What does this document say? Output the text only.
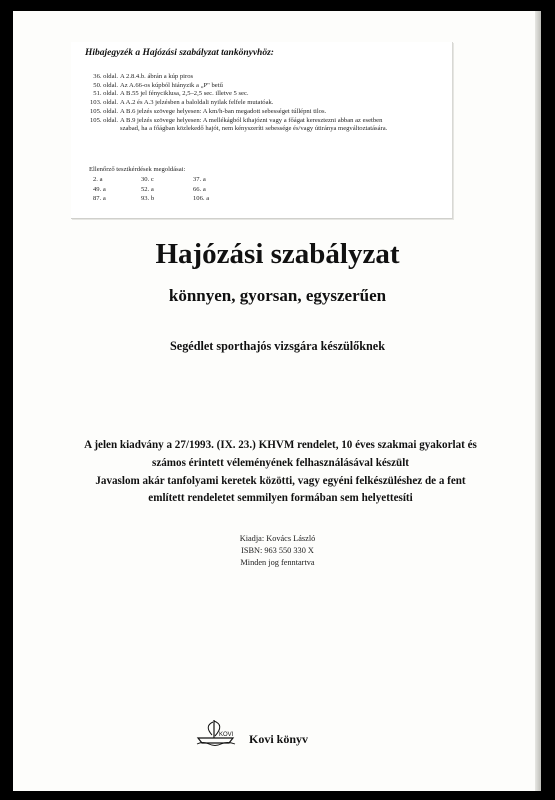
Hibajegyzék a Hajózási szabályzat tankönyvhöz:
36. oldal. A 2.8.4.b. ábrán a kúp piros
50. oldal. Az A.66-os kúpból hiányzik a „P" betű
51. oldal. A B.55 jel fényciklusa, 2,5–2,5 sec. illetve 5 sec.
103. oldal. A A.2 és A.3 jelzésben a baloldali nyilak felfele mutatóak.
105. oldal. A B.6 jelzés szövege helyesen: A km/h-ban megadott sebességet túllépni tilos.
105. oldal. A B.9 jelzés szövege helyesen: A mellékágból kihajózni vagy a főágat keresztezni abban az esetben szabad, ha a főágban közlekedő hajót, nem kényszeríti sebessége és/vagy útiránya megváltoztatására.
Ellenőrző tesztkérdések megoldásai:
2. a	30. c	37. a
49. a	52. a	66. a
87. a	93. b	106. a
Hajózási szabályzat
könnyen, gyorsan, egyszerűen
Segédlet sporthajós vizsgára készülőknek
A jelen kiadvány a 27/1993. (IX. 23.) KHVM rendelet, 10 éves szakmai gyakorlat és
számos érintett véleményének felhasználásával készült
Javaslom akár tanfolyami keretek közötti, vagy egyéni felkészüléshez de a fent
említett rendeletet semmilyen formában sem helyettesíti
Kiadja: Kovács László
ISBN: 963 550 330 X
Minden jog fenntartva
KOVI Kovi könyv
